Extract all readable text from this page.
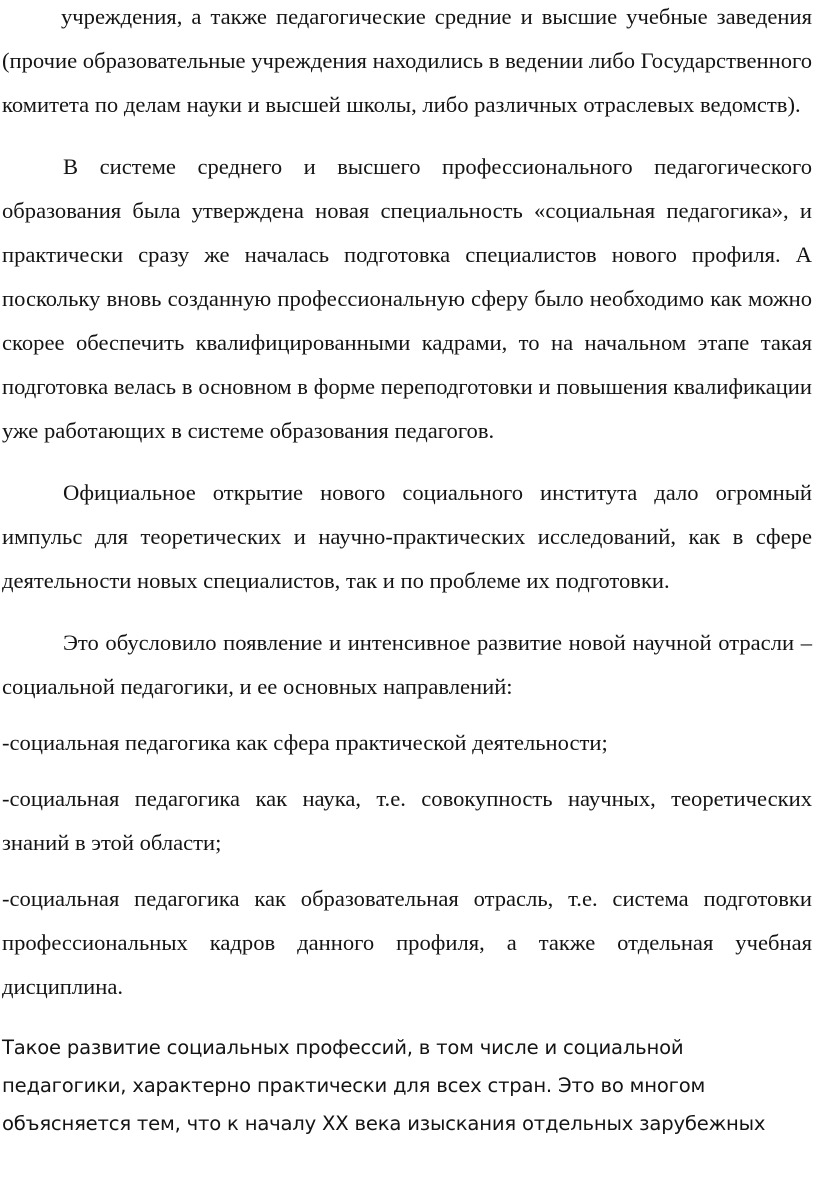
учреждения, а также педагогические средние и высшие учебные заведения (прочие образовательные учреждения находились в ведении либо Государственного комитета по делам науки и высшей школы, либо различных отраслевых ведомств).

В системе среднего и высшего профессионального педагогического образования была утверждена новая специальность «социальная педагогика», и практически сразу же началась подготовка специалистов нового профиля. А поскольку вновь созданную профессиональную сферу было необходимо как можно скорее обеспечить квалифицированными кадрами, то на начальном этапе такая подготовка велась в основном в форме переподготовки и повышения квалификации уже работающих в системе образования педагогов.

Официальное открытие нового социального института дало огромный импульс для теоретических и научно-практических исследований, как в сфере деятельности новых специалистов, так и по проблеме их подготовки.

Это обусловило появление и интенсивное развитие новой научной отрасли – социальной педагогики, и ее основных направлений:

-социальная педагогика как сфера практической деятельности;

-социальная педагогика как наука, т.е. совокупность научных, теоретических знаний в этой области;

-социальная педагогика как образовательная отрасль, т.е. система подготовки профессиональных кадров данного профиля, а также отдельная учебная дисциплина.

Такое развитие социальных профессий, в том числе и социальной
педагогики, характерно практически для всех стран. Это во многом
объясняется тем, что к началу XX века изыскания отдельных зарубежных
